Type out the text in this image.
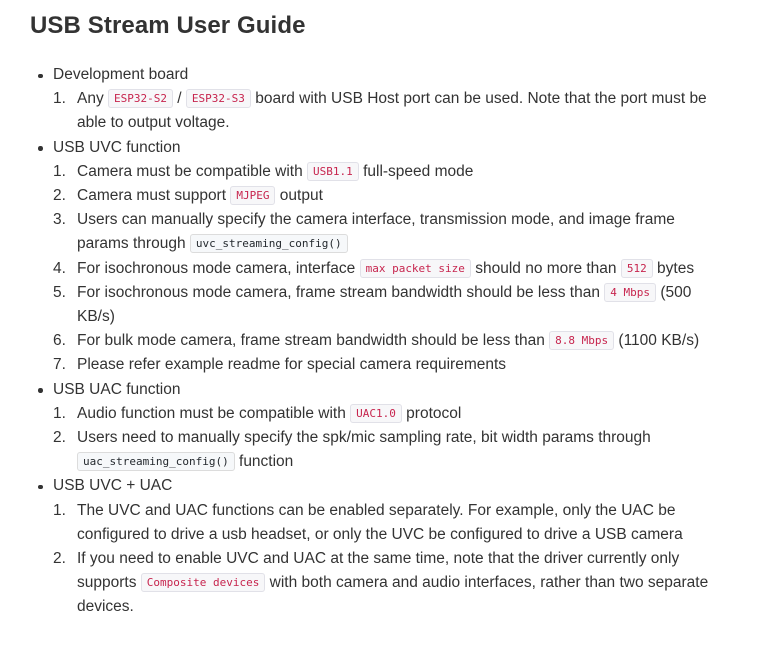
USB Stream User Guide
Development board
1. Any ESP32-S2 / ESP32-S3 board with USB Host port can be used. Note that the port must be able to output voltage.
USB UVC function
1. Camera must be compatible with USB1.1 full-speed mode
2. Camera must support MJPEG output
3. Users can manually specify the camera interface, transmission mode, and image frame params through uvc_streaming_config()
4. For isochronous mode camera, interface max packet size should no more than 512 bytes
5. For isochronous mode camera, frame stream bandwidth should be less than 4 Mbps (500 KB/s)
6. For bulk mode camera, frame stream bandwidth should be less than 8.8 Mbps (1100 KB/s)
7. Please refer example readme for special camera requirements
USB UAC function
1. Audio function must be compatible with UAC1.0 protocol
2. Users need to manually specify the spk/mic sampling rate, bit width params through uac_streaming_config() function
USB UVC + UAC
1. The UVC and UAC functions can be enabled separately. For example, only the UAC be configured to drive a usb headset, or only the UVC be configured to drive a USB camera
2. If you need to enable UVC and UAC at the same time, note that the driver currently only supports Composite devices with both camera and audio interfaces, rather than two separate devices.
